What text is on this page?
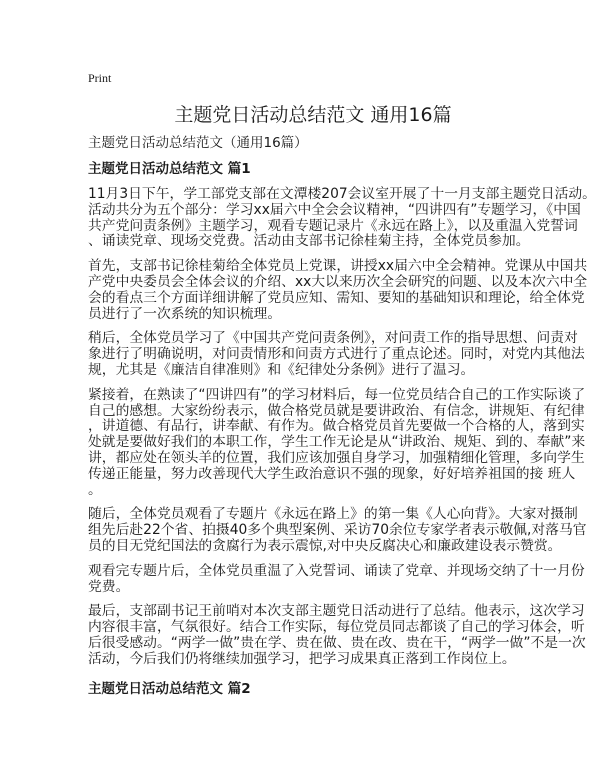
Print
主题党日活动总结范文 通用16篇
主题党日活动总结范文（通用16篇）
主题党日活动总结范文 篇1
11月3日下午，学工部党支部在文潭楼207会议室开展了十一月支部主题党日活动。
活动共分为五个部分：学习xx届六中全会会议精神，“四讲四有”专题学习，《中国
共产党问责条例》主题学习，观看专题记录片《永远在路上》，以及重温入党誓词
、诵读党章、现场交党费。活动由支部书记徐桂菊主持，全体党员参加。
首先，支部书记徐桂菊给全体党员上党课，讲授xx届六中全会精神。党课从中国共
产党中央委员会全体会议的介绍、xx大以来历次全会研究的问题、以及本次六中全
会的看点三个方面详细讲解了党员应知、需知、要知的基础知识和理论，给全体党
员进行了一次系统的知识梳理。
稍后，全体党员学习了《中国共产党问责条例》，对问责工作的指导思想、问责对
象进行了明确说明，对问责情形和问责方式进行了重点论述。同时，对党内其他法
规，尤其是《廉洁自律准则》和《纪律处分条例》进行了温习。
紧接着，在熟读了“四讲四有”的学习材料后，每一位党员结合自己的工作实际谈了
自己的感想。大家纷纷表示，做合格党员就是要讲政治、有信念，讲规矩、有纪律
，讲道德、有品行，讲奉献、有作为。做合格党员首先要做一个合格的人，落到实
处就是要做好我们的本职工作，学生工作无论是从“讲政治、规矩、到的、奉献”来
讲，都应处在领头羊的位置，我们应该加强自身学习，加强精细化管理，多向学生
传递正能量，努力改善现代大学生政治意识不强的现象，好好培养祖国的接 班人
。
随后，全体党员观看了专题片《永远在路上》的第一集《人心向背》。大家对摄制
组先后赴22个省、拍摄40多个典型案例、采访70余位专家学者表示敬佩,对落马官
员的目无党纪国法的贪腐行为表示震惊,对中央反腐决心和廉政建设表示赞赏。
观看完专题片后，全体党员重温了入党誓词、诵读了党章、并现场交纳了十一月份
党费。
最后，支部副书记王前哨对本次支部主题党日活动进行了总结。他表示，这次学习
内容很丰富，气氛很好。结合工作实际，每位党员同志都谈了自己的学习体会，听
后很受感动。“两学一做”贵在学、贵在做、贵在改、贵在干，“两学一做”不是一次
活动，今后我们仍将继续加强学习，把学习成果真正落到工作岗位上。
主题党日活动总结范文 篇2
